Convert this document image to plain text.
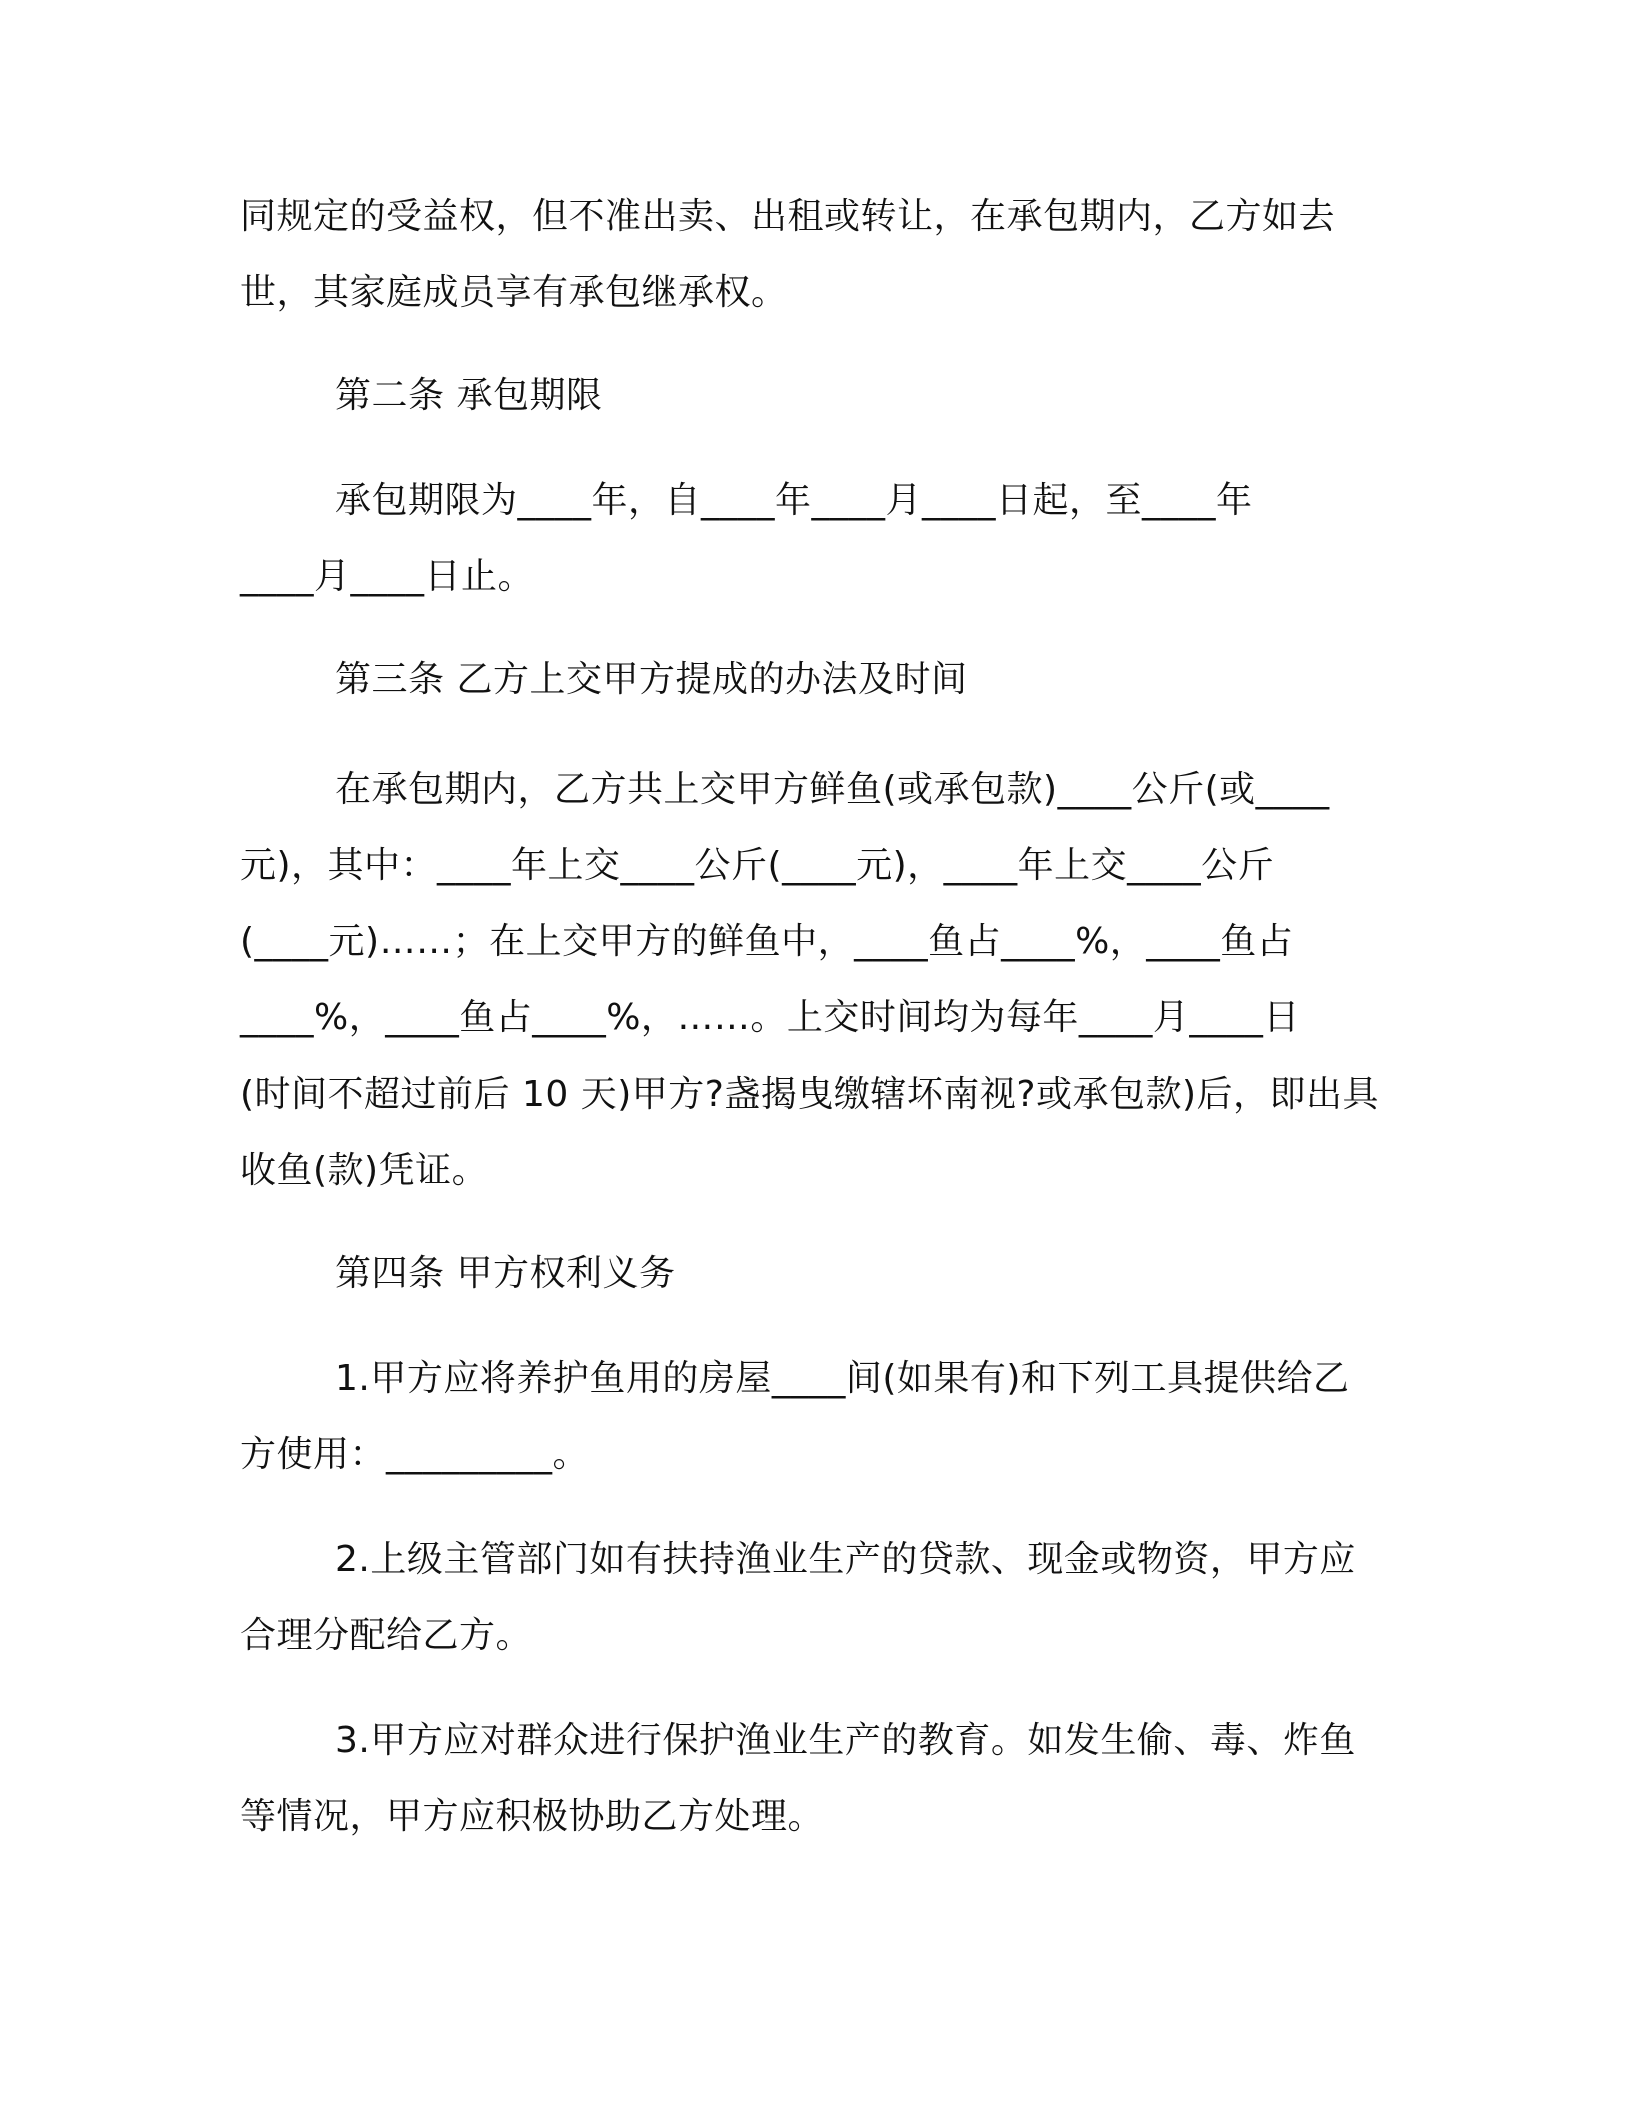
同规定的受益权，但不准出卖、出租或转让，在承包期内，乙方如去
世，其家庭成员享有承包继承权。
第二条 承包期限
承包期限为____年，自____年____月____日起，至____年
____月____日止。
第三条 乙方上交甲方提成的办法及时间
在承包期内，乙方共上交甲方鲜鱼(或承包款)____公斤(或____
元)，其中：____年上交____公斤(____元)，____年上交____公斤
(____元)……；在上交甲方的鲜鱼中，____鱼占____%，____鱼占
____%，____鱼占____%，……。上交时间均为每年____月____日
(时间不超过前后 10 天)甲方?盏揭曳缴辖坏南视?或承包款)后，即出具
收鱼(款)凭证。
第四条 甲方权利义务
1.甲方应将养护鱼用的房屋____间(如果有)和下列工具提供给乙
方使用：_________。
2.上级主管部门如有扶持渔业生产的贷款、现金或物资，甲方应
合理分配给乙方。
3.甲方应对群众进行保护渔业生产的教育。如发生偷、毒、炸鱼
等情况，甲方应积极协助乙方处理。
